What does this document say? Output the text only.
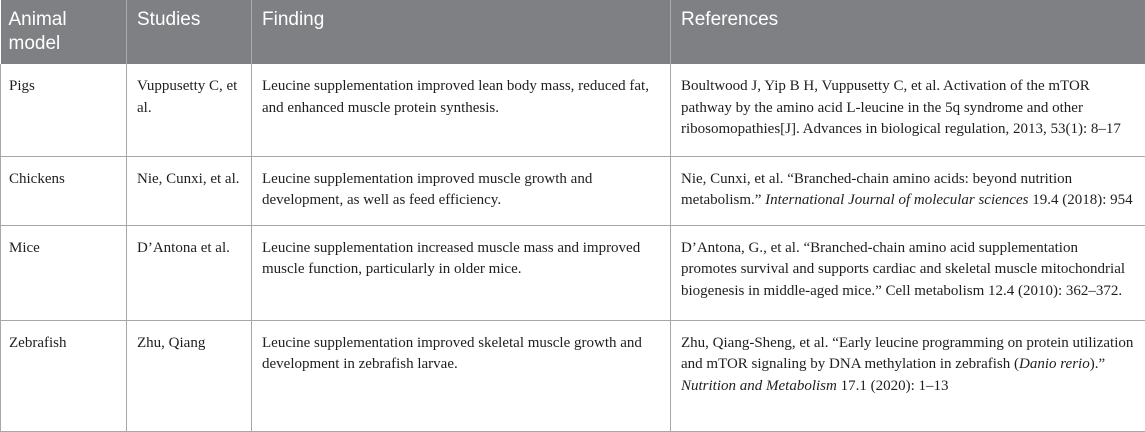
Animal model	Studies	Finding	References
Pigs	Vuppusetty C, et al.	Leucine supplementation improved lean body mass, reduced fat, and enhanced muscle protein synthesis.	Boultwood J, Yip B H, Vuppusetty C, et al. Activation of the mTOR pathway by the amino acid L-leucine in the 5q syndrome and other ribosomopathies[J]. Advances in biological regulation, 2013, 53(1): 8–17
Chickens	Nie, Cunxi, et al.	Leucine supplementation improved muscle growth and development, as well as feed efficiency.	Nie, Cunxi, et al. “Branched-chain amino acids: beyond nutrition metabolism.” International Journal of molecular sciences 19.4 (2018): 954
Mice	D’Antona et al.	Leucine supplementation increased muscle mass and improved muscle function, particularly in older mice.	D’Antona, G., et al. “Branched-chain amino acid supplementation promotes survival and supports cardiac and skeletal muscle mitochondrial biogenesis in middle-aged mice.” Cell metabolism 12.4 (2010): 362–372.
Zebrafish	Zhu, Qiang	Leucine supplementation improved skeletal muscle growth and development in zebrafish larvae.	Zhu, Qiang-Sheng, et al. “Early leucine programming on protein utilization and mTOR signaling by DNA methylation in zebrafish (Danio rerio).” Nutrition and Metabolism 17.1 (2020): 1–13
